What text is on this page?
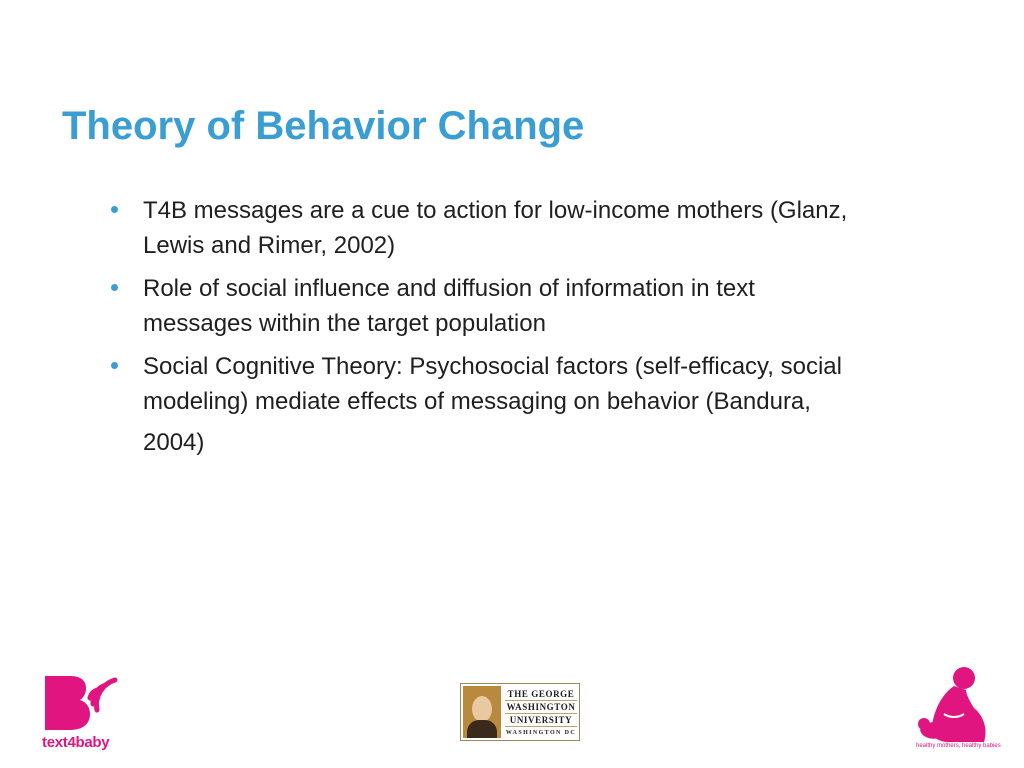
Theory of Behavior Change
T4B messages are a cue to action for low-income mothers (Glanz,
Lewis and Rimer, 2002)
Role of social influence and diffusion of information in text
messages within the target population
Social Cognitive Theory: Psychosocial factors (self-efficacy, social
modeling) mediate effects of messaging on behavior (Bandura,
2004)
text4baby
THE GEORGE
WASHINGTON
UNIVERSITY
WASHINGTON DC
healthy mothers, healthy babies
